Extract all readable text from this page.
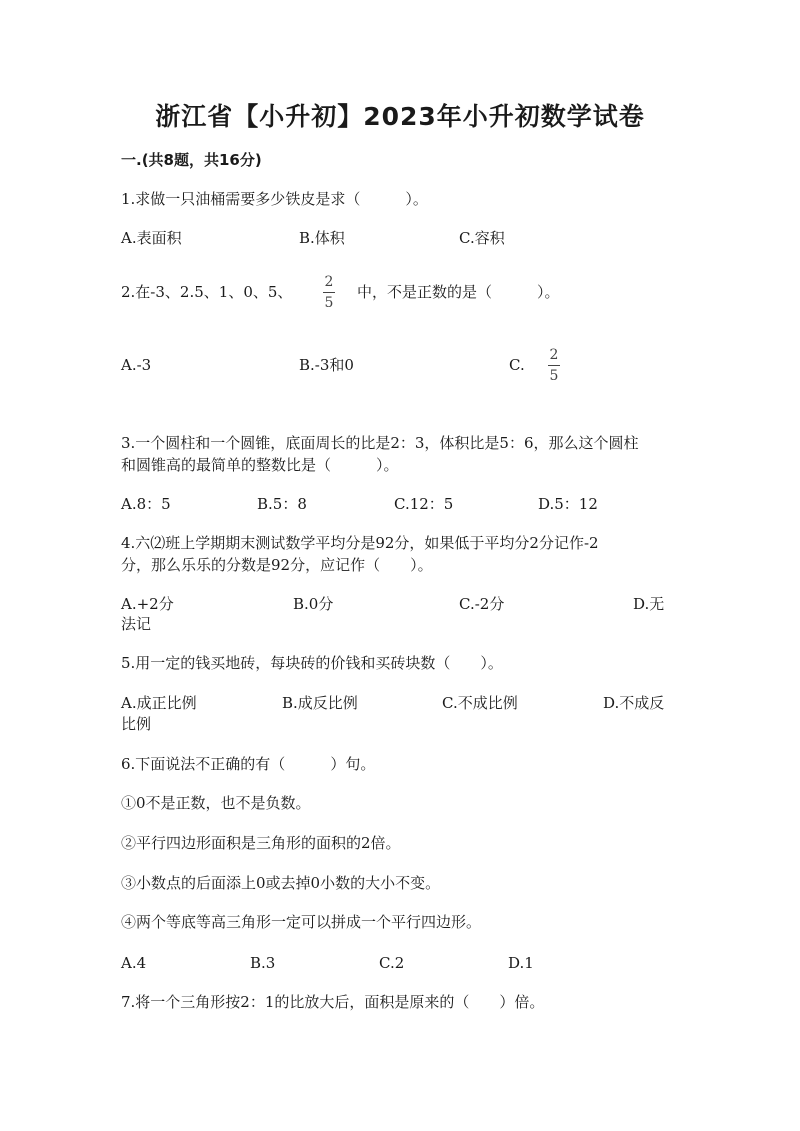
浙江省【小升初】2023年小升初数学试卷
一.(共8题，共16分)
1.求做一只油桶需要多少铁皮是求（　　　）。
A.表面积	B.体积	C.容积
2.在-3、2.5、1、0、5、
2
5
中，不是正数的是（　　　）。
A.-3	B.-3和0	C.
2
5
3.一个圆柱和一个圆锥，底面周长的比是2：3，体积比是5：6，那么这个圆柱
和圆锥高的最简单的整数比是（　　　）。
A.8：5	B.5：8	C.12：5	D.5：12
4.六⑵班上学期期末测试数学平均分是92分，如果低于平均分2分记作-2
分，那么乐乐的分数是92分，应记作（　　）。
A.+2分	B.0分	C.-2分	D.无
法记
5.用一定的钱买地砖，每块砖的价钱和买砖块数（　　）。
A.成正比例	B.成反比例	C.不成比例	D.不成反
比例
6.下面说法不正确的有（　　　）句。
①0不是正数，也不是负数。
②平行四边形面积是三角形的面积的2倍。
③小数点的后面添上0或去掉0小数的大小不变。
④两个等底等高三角形一定可以拼成一个平行四边形。
A.4	B.3	C.2	D.1
7.将一个三角形按2：1的比放大后，面积是原来的（　　）倍。
